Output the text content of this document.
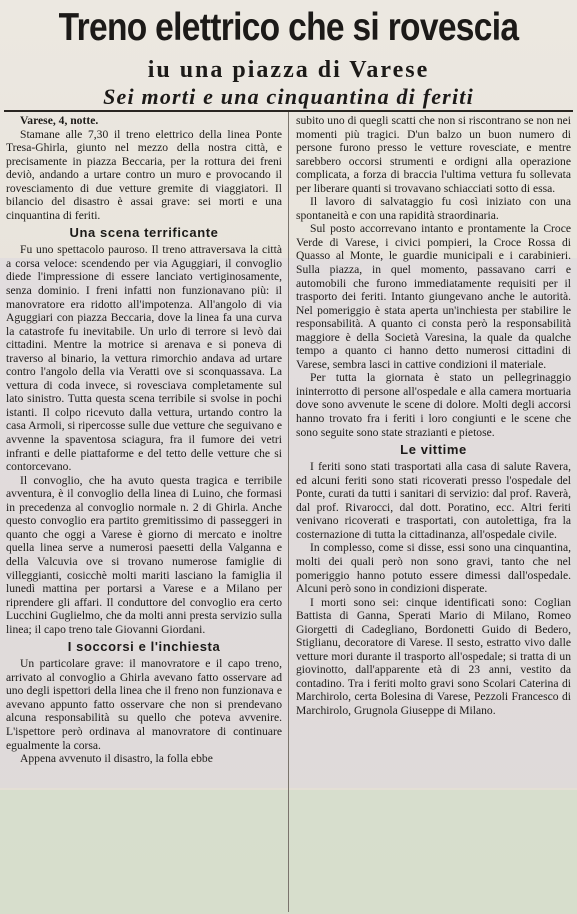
Treno elettrico che si rovescia
iu una piazza di Varese
Sei morti e una cinquantina di feriti

Varese, 4, notte.

Stamane alle 7,30 il treno elettrico della linea Ponte Tresa-Ghirla, giunto nel mezzo della nostra città, e precisamente in piazza Beccaria, per la rottura dei freni deviò, andando a urtare contro un muro e provocando il rovesciamento di due vetture gremite di viaggiatori. Il bilancio del disastro è assai grave: sei morti e una cinquantina di feriti.

Una scena terrificante

Fu uno spettacolo pauroso. Il treno attraversava la città a corsa veloce: scendendo per via Aguggiari, il convoglio diede l'impressione di essere lanciato vertiginosamente, senza dominio. I freni infatti non funzionavano più: il manovratore era ridotto all'impotenza. All'angolo di via Aguggiari con piazza Beccaria, dove la linea fa una curva la catastrofe fu inevitabile. Un urlo di terrore si levò dai cittadini. Mentre la motrice si arenava e si poneva di traverso al binario, la vettura rimorchio andava ad urtare contro l'angolo della via Veratti ove si sconquassava. La vettura di coda invece, si rovesciava completamente sul lato sinistro. Tutta questa scena terribile si svolse in pochi istanti. Il colpo ricevuto dalla vettura, urtando contro la casa Armoli, si ripercosse sulle due vetture che seguivano e avvenne la spaventosa sciagura, fra il fumore dei vetri infranti e delle piattaforme e del tetto delle vetture che si contorcevano.

Il convoglio, che ha avuto questa tragica e terribile avventura, è il convoglio della linea di Luino, che formasi in precedenza al convoglio normale n. 2 di Ghirla. Anche questo convoglio era partito gremitissimo di passeggeri in quanto che oggi a Varese è giorno di mercato e inoltre quella linea serve a numerosi paesetti della Valganna e della Valcuvia ove si trovano numerose famiglie di villeggianti, cosicchè molti mariti lasciano la famiglia il lunedì mattina per portarsi a Varese e a Milano per riprendere gli affari. Il conduttore del convoglio era certo Lucchini Guglielmo, che da molti anni presta servizio sulla linea; il capo treno tale Giovanni Giordani.

I soccorsi e l'inchiesta

Un particolare grave: il manovratore e il capo treno, arrivato al convoglio a Ghirla avevano fatto osservare ad uno degli ispettori della linea che il freno non funzionava e avevano appunto fatto osservare che non si prendevano alcuna responsabilità su quello che poteva avvenire. L'ispettore però ordinava al manovratore di continuare egualmente la corsa.

Appena avvenuto il disastro, la folla ebbe

subito uno di quegli scatti che non si riscontrano se non nei momenti più tragici. D'un balzo un buon numero di persone furono presso le vetture rovesciate, e mentre sarebbero occorsi strumenti e ordigni alla operazione complicata, a forza di braccia l'ultima vettura fu sollevata per liberare quanti si trovavano schiacciati sotto di essa.

Il lavoro di salvataggio fu così iniziato con una spontaneità e con una rapidità straordinaria.

Sul posto accorrevano intanto e prontamente la Croce Verde di Varese, i civici pompieri, la Croce Rossa di Quasso al Monte, le guardie municipali e i carabinieri. Sulla piazza, in quel momento, passavano carri e automobili che furono immediatamente requisiti per il trasporto dei feriti. Intanto giungevano anche le autorità. Nel pomeriggio è stata aperta un'inchiesta per stabilire le responsabilità. A quanto ci consta però la responsabilità maggiore è della Società Varesina, la quale da qualche tempo a quanto ci hanno detto numerosi cittadini di Varese, sembra lasci in cattive condizioni il materiale.

Per tutta la giornata è stato un pellegrinaggio ininterrotto di persone all'ospedale e alla camera mortuaria dove sono avvenute le scene di dolore. Molti degli accorsi hanno trovato fra i feriti i loro congiunti e le scene che sono seguite sono state strazianti e pietose.

Le vittime

I feriti sono stati trasportati alla casa di salute Ravera, ed alcuni feriti sono stati ricoverati presso l'ospedale del Ponte, curati da tutti i sanitari di servizio: dal prof. Raverà, dal prof. Rivarocci, dal dott. Poratino, ecc. Altri feriti venivano ricoverati e trasportati, con autolettiga, fra la costernazione di tutta la cittadinanza, all'ospedale civile.

In complesso, come si disse, essi sono una cinquantina, molti dei quali però non sono gravi, tanto che nel pomeriggio hanno potuto essere dimessi dall'ospedale. Alcuni però sono in condizioni disperate.

I morti sono sei: cinque identificati sono: Coglian Battista di Ganna, Sperati Mario di Milano, Romeo Giorgetti di Cadegliano, Bordonetti Guido di Bedero, Stiglianu, decoratore di Varese. Il sesto, estratto vivo dalle vetture mori durante il trasporto all'ospedale; si tratta di un giovinotto, dall'apparente età di 23 anni, vestito da contadino. Tra i feriti molto gravi sono Scolari Caterina di Marchirolo, certa Bolesina di Varese, Pezzoli Francesco di Marchirolo, Grugnola Giuseppe di Milano.
